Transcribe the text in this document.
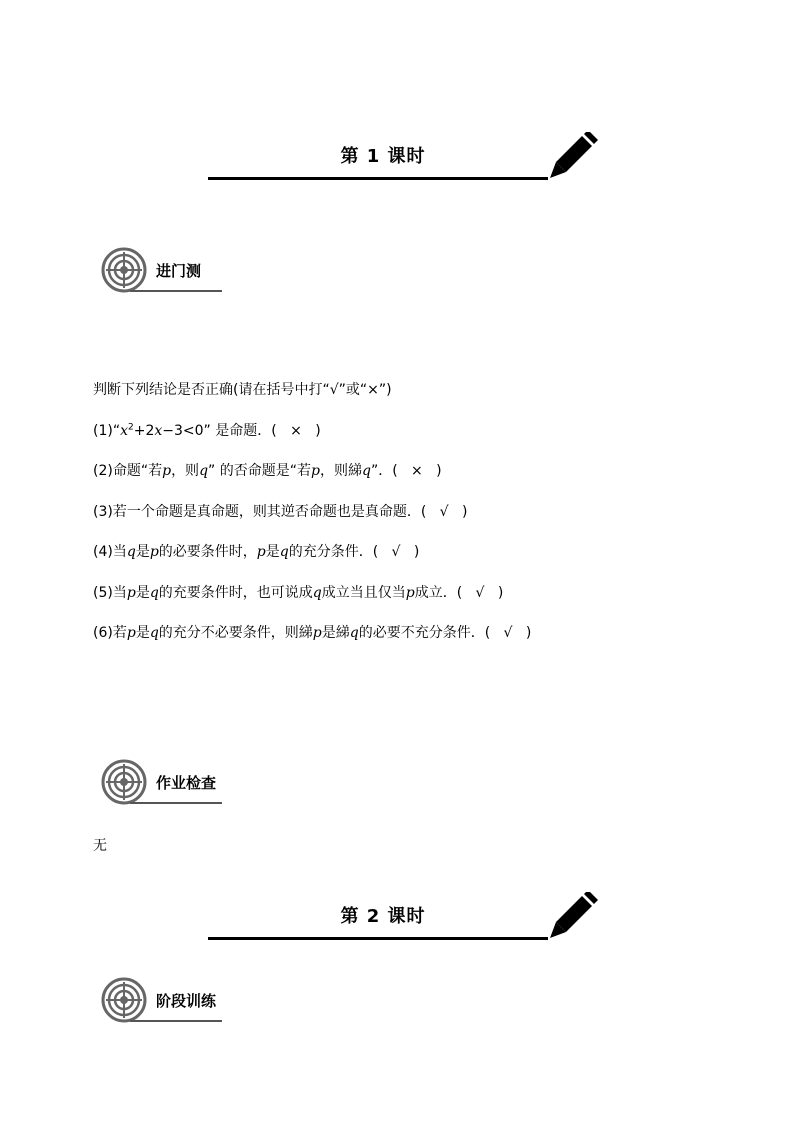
第 1 课时
进门测
判断下列结论是否正确(请在括号中打“√”或“×”)
$(1)“x^2+2x-3<0$” 是命题．( × )
(2)命题“若p，则q” 的否命题是“若p，则綈q”．( × )
(3)若一个命题是真命题，则其逆否命题也是真命题．( √ )
(4)当q是p的必要条件时，p是q的充分条件．( √ )
(5)当p是q的充要条件时，也可说成q成立当且仅当p成立．( √ )
(6)若p是q的充分不必要条件，则綈p是綈q的必要不充分条件．( √ )
作业检查
无
第 2 课时
阶段训练
